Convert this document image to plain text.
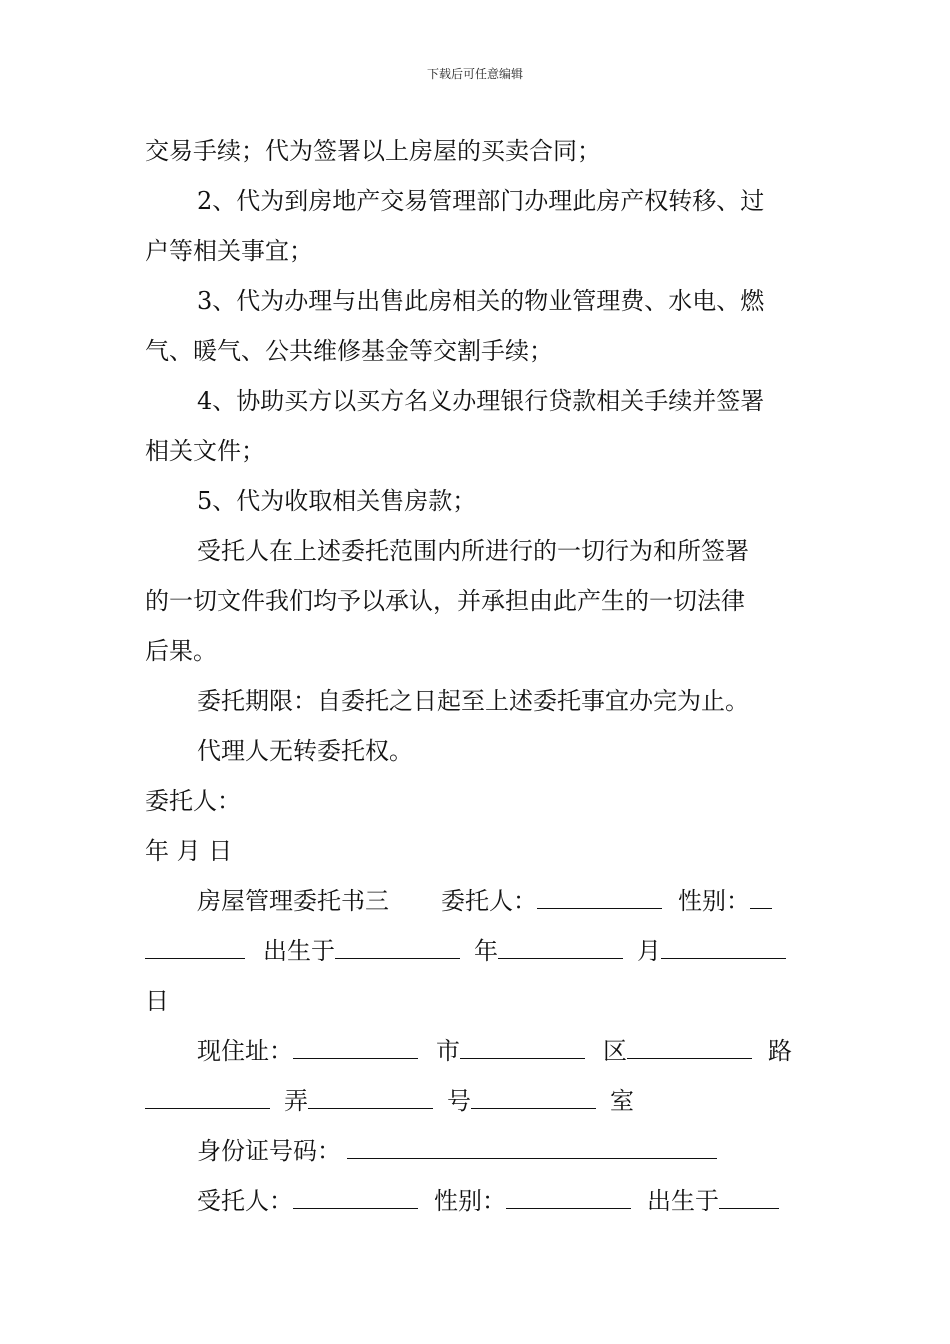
下载后可任意编辑
交易手续；代为签署以上房屋的买卖合同；
2、代为到房地产交易管理部门办理此房产权转移、过
户等相关事宜；
3、代为办理与出售此房相关的物业管理费、水电、燃
气、暖气、公共维修基金等交割手续；
4、协助买方以买方名义办理银行贷款相关手续并签署
相关文件；
5、代为收取相关售房款；
受托人在上述委托范围内所进行的一切行为和所签署
的一切文件我们均予以承认，并承担由此产生的一切法律
后果。
委托期限：自委托之日起至上述委托事宜办完为止。
代理人无转委托权。
委托人：
年 月 日
房屋管理委托书三 委托人：	性别：
出生于	年	月
日
现住址：	市	区	路
弄	号	室
身份证号码：
受托人：	性别：	出生于
